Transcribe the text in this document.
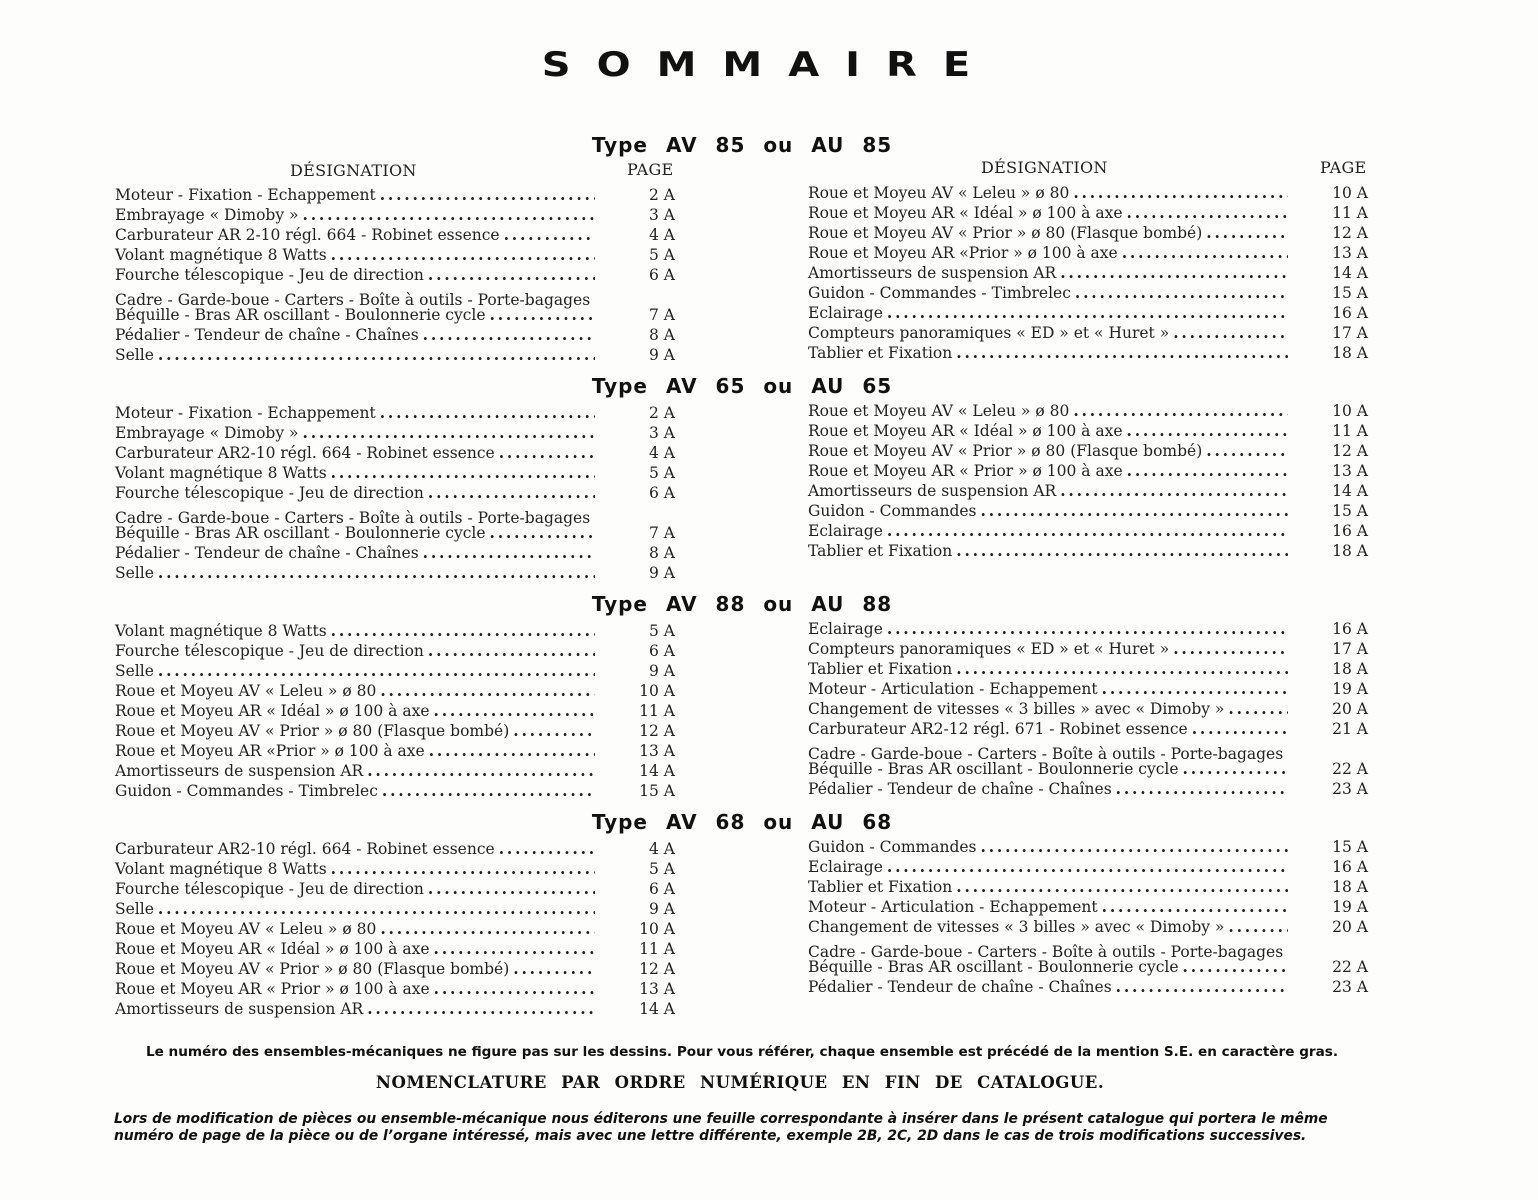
SOMMAIRE
Type AV 85 ou AU 85
Type AV 65 ou AU 65
Type AV 88 ou AU 88
Type AV 68 ou AU 68
DÉSIGNATION	PAGE	DÉSIGNATION	PAGE
Moteur - Fixation - Echappement . . .	2 A
Embrayage « Dimoby » . . .	3 A
Carburateur AR 2-10 régl. 664 - Robinet essence . . .	4 A
Volant magnétique 8 Watts . . .	5 A
Fourche télescopique - Jeu de direction . . .	6 A
Cadre - Garde-boue - Carters - Boîte à outils - Porte-bagages
Béquille - Bras AR oscillant - Boulonnerie cycle . . .	7 A
Pédalier - Tendeur de chaîne - Chaînes . . .	8 A
Selle . . .	9 A
Roue et Moyeu AV « Leleu » ø 80 . . .	10 A
Roue et Moyeu AR « Idéal » ø 100 à axe . . .	11 A
Roue et Moyeu AV « Prior » ø 80 (Flasque bombé) . . .	12 A
Roue et Moyeu AR «Prior » ø 100 à axe . . .	13 A
Amortisseurs de suspension AR . . .	14 A
Guidon - Commandes - Timbrelec . . .	15 A
Eclairage . . .	16 A
Compteurs panoramiques « ED » et « Huret » . . .	17 A
Tablier et Fixation . . .	18 A
Moteur - Fixation - Echappement . . .	2 A
Embrayage « Dimoby » . . .	3 A
Carburateur AR2-10 régl. 664 - Robinet essence . . .	4 A
Volant magnétique 8 Watts . . .	5 A
Fourche télescopique - Jeu de direction . . .	6 A
Cadre - Garde-boue - Carters - Boîte à outils - Porte-bagages
Béquille - Bras AR oscillant - Boulonnerie cycle . . .	7 A
Pédalier - Tendeur de chaîne - Chaînes . . .	8 A
Selle . . .	9 A
Roue et Moyeu AV « Leleu » ø 80 . . .	10 A
Roue et Moyeu AR « Idéal » ø 100 à axe . . .	11 A
Roue et Moyeu AV « Prior » ø 80 (Flasque bombé) . . .	12 A
Roue et Moyeu AR « Prior » ø 100 à axe . . .	13 A
Amortisseurs de suspension AR . . .	14 A
Guidon - Commandes . . .	15 A
Eclairage . . .	16 A
Tablier et Fixation . . .	18 A
Volant magnétique 8 Watts . . .	5 A
Fourche télescopique - Jeu de direction . . .	6 A
Selle . . .	9 A
Roue et Moyeu AV « Leleu » ø 80 . . .	10 A
Roue et Moyeu AR « Idéal » ø 100 à axe . . .	11 A
Roue et Moyeu AV « Prior » ø 80 (Flasque bombé) . . .	12 A
Roue et Moyeu AR «Prior » ø 100 à axe . . .	13 A
Amortisseurs de suspension AR . . .	14 A
Guidon - Commandes - Timbrelec . . .	15 A
Eclairage . . .	16 A
Compteurs panoramiques « ED » et « Huret » . . .	17 A
Tablier et Fixation . . .	18 A
Moteur - Articulation - Echappement . . .	19 A
Changement de vitesses « 3 billes » avec « Dimoby » . . .	20 A
Carburateur AR2-12 régl. 671 - Robinet essence . . .	21 A
Cadre - Garde-boue - Carters - Boîte à outils - Porte-bagages
Béquille - Bras AR oscillant - Boulonnerie cycle . . .	22 A
Pédalier - Tendeur de chaîne - Chaînes . . .	23 A
Carburateur AR2-10 régl. 664 - Robinet essence . . .	4 A
Volant magnétique 8 Watts . . .	5 A
Fourche télescopique - Jeu de direction . . .	6 A
Selle . . .	9 A
Roue et Moyeu AV « Leleu » ø 80 . . .	10 A
Roue et Moyeu AR « Idéal » ø 100 à axe . . .	11 A
Roue et Moyeu AV « Prior » ø 80 (Flasque bombé) . . .	12 A
Roue et Moyeu AR « Prior » ø 100 à axe . . .	13 A
Amortisseurs de suspension AR . . .	14 A
Guidon - Commandes . . .	15 A
Eclairage . . .	16 A
Tablier et Fixation . . .	18 A
Moteur - Articulation - Echappement . . .	19 A
Changement de vitesses « 3 billes » avec « Dimoby » . . .	20 A
Cadre - Garde-boue - Carters - Boîte à outils - Porte-bagages
Béquille - Bras AR oscillant - Boulonnerie cycle . . .	22 A
Pédalier - Tendeur de chaîne - Chaînes . . .	23 A
Le numéro des ensembles-mécaniques ne figure pas sur les dessins. Pour vous référer, chaque ensemble est précédé de la mention S.E. en caractère gras.
NOMENCLATURE PAR ORDRE NUMÉRIQUE EN FIN DE CATALOGUE.
Lors de modification de pièces ou ensemble-mécanique nous éditerons une feuille correspondante à insérer dans le présent catalogue qui portera le même
numéro de page de la pièce ou de l’organe intéressé, mais avec une lettre différente, exemple 2B, 2C, 2D dans le cas de trois modifications successives.
